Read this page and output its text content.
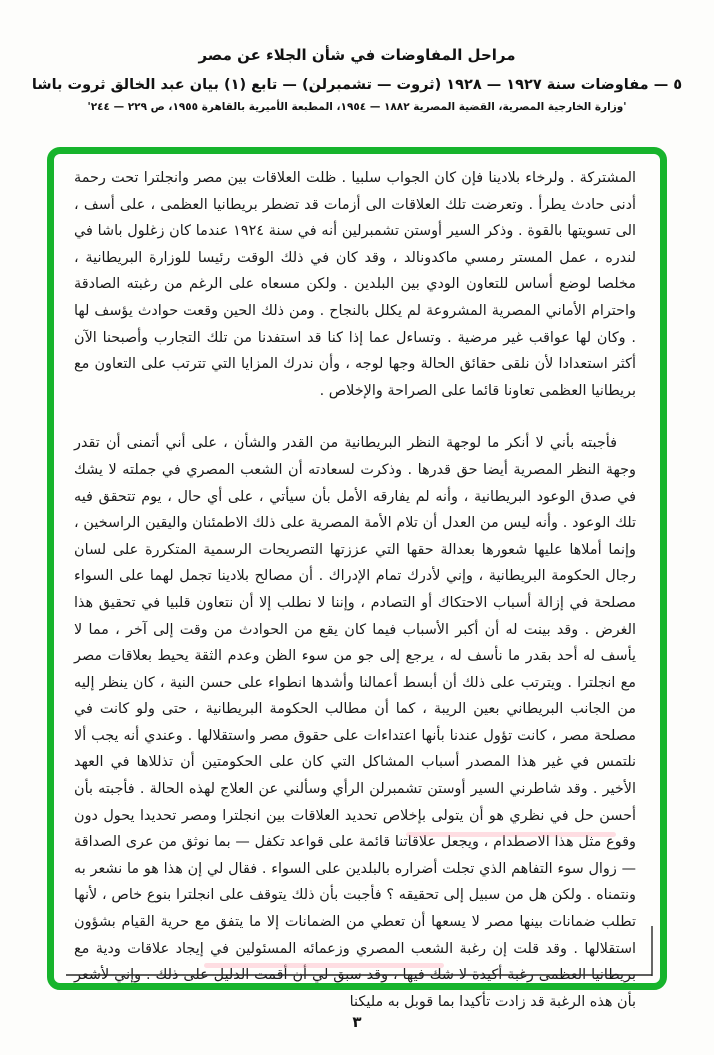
مراحل المفاوضات في شأن الجلاء عن مصر
٥ — مفاوضات سنة ١٩٢٧ — ١٩٢٨ (ثروت — تشمبرلن) — تابع (١) بيان عبد الخالق ثروت باشا
'وزارة الخارجية المصرية، القضية المصرية ١٨٨٢ — ١٩٥٤، المطبعة الأميرية بالقاهرة ١٩٥٥، ص ٢٢٩ — ٢٤٤'

المشتركة . ولرخاء بلادينا فإن كان الجواب سلبيا . ظلت العلاقات بين مصر وانجلترا تحت رحمة أدنى حادث يطرأ . وتعرضت تلك العلاقات الى أزمات قد تضطر بريطانيا العظمى ، على أسف ، الى تسويتها بالقوة . وذكر السير أوستن تشمبرلين أنه في سنة ١٩٢٤ عندما كان زغلول باشا في لندره ، عمل المستر رمسي ماكدونالد ، وقد كان في ذلك الوقت رئيسا للوزارة البريطانية ، مخلصا لوضع أساس للتعاون الودي بين البلدين . ولكن مسعاه على الرغم من رغبته الصادقة واحترام الأماني المصرية المشروعة لم يكلل بالنجاح . ومن ذلك الحين وقعت حوادث يؤسف لها . وكان لها عواقب غير مرضية . وتساءل عما إذا كنا قد استفدنا من تلك التجارب وأصبحنا الآن أكثر استعدادا لأن نلقى حقائق الحالة وجها لوجه ، وأن ندرك المزايا التي تترتب على التعاون مع بريطانيا العظمى تعاونا قائما على الصراحة والإخلاص .

فأجبته بأني لا أنكر ما لوجهة النظر البريطانية من القدر والشأن ، على أني أتمنى أن تقدر وجهة النظر المصرية أيضا حق قدرها . وذكرت لسعادته أن الشعب المصري في جملته لا يشك في صدق الوعود البريطانية ، وأنه لم يفارقه الأمل بأن سيأتي ، على أي حال ، يوم تتحقق فيه تلك الوعود . وأنه ليس من العدل أن تلام الأمة المصرية على ذلك الاطمئنان واليقين الراسخين ، وإنما أملاها عليها شعورها بعدالة حقها التي عززتها التصريحات الرسمية المتكررة على لسان رجال الحكومة البريطانية ، وإني لأدرك تمام الإدراك . أن مصالح بلادينا تجمل لهما على السواء مصلحة في إزالة أسباب الاحتكاك أو التصادم ، وإننا لا نطلب إلا أن نتعاون قلبيا في تحقيق هذا الغرض . وقد بينت له أن أكبر الأسباب فيما كان يقع من الحوادث من وقت إلى آخر ، مما لا يأسف له أحد بقدر ما نأسف له ، يرجع إلى جو من سوء الظن وعدم الثقة يحيط بعلاقات مصر مع انجلترا . ويترتب على ذلك أن أبسط أعمالنا وأشدها انطواء على حسن النية ، كان ينظر إليه من الجانب البريطاني بعين الريبة ، كما أن مطالب الحكومة البريطانية ، حتى ولو كانت في مصلحة مصر ، كانت تؤول عندنا بأنها اعتداءات على حقوق مصر واستقلالها . وعندي أنه يجب ألا نلتمس في غير هذا المصدر أسباب المشاكل التي كان على الحكومتين أن تذللاها في العهد الأخير . وقد شاطرني السير أوستن تشمبرلن الرأي وسألني عن العلاج لهذه الحالة . فأجبته بأن أحسن حل في نظري هو أن يتولى بإخلاص تحديد العلاقات بين انجلترا ومصر تحديدا يحول دون وقوع مثل هذا الاصطدام ، ويجعل علاقاتنا قائمة على قواعد تكفل — بما نوثق من عرى الصداقة — زوال سوء التفاهم الذي تجلت أضراره بالبلدين على السواء . فقال لي إن هذا هو ما نشعر به ونتمناه . ولكن هل من سبيل إلى تحقيقه ؟ فأجبت بأن ذلك يتوقف على انجلترا بنوع خاص ، لأنها تطلب ضمانات بينها مصر لا يسعها أن تعطي من الضمانات إلا ما يتفق مع حرية القيام بشؤون استقلالها . وقد قلت إن رغبة الشعب المصري وزعمائه المسئولين في إيجاد علاقات ودية مع بريطانيا العظمى رغبة أكيدة لا شك فيها ، وقد سبق لي أن أقمت الدليل على ذلك . وإني لأشعر بأن هذه الرغبة قد زادت تأكيدا بما قوبل به مليكنا

٣
